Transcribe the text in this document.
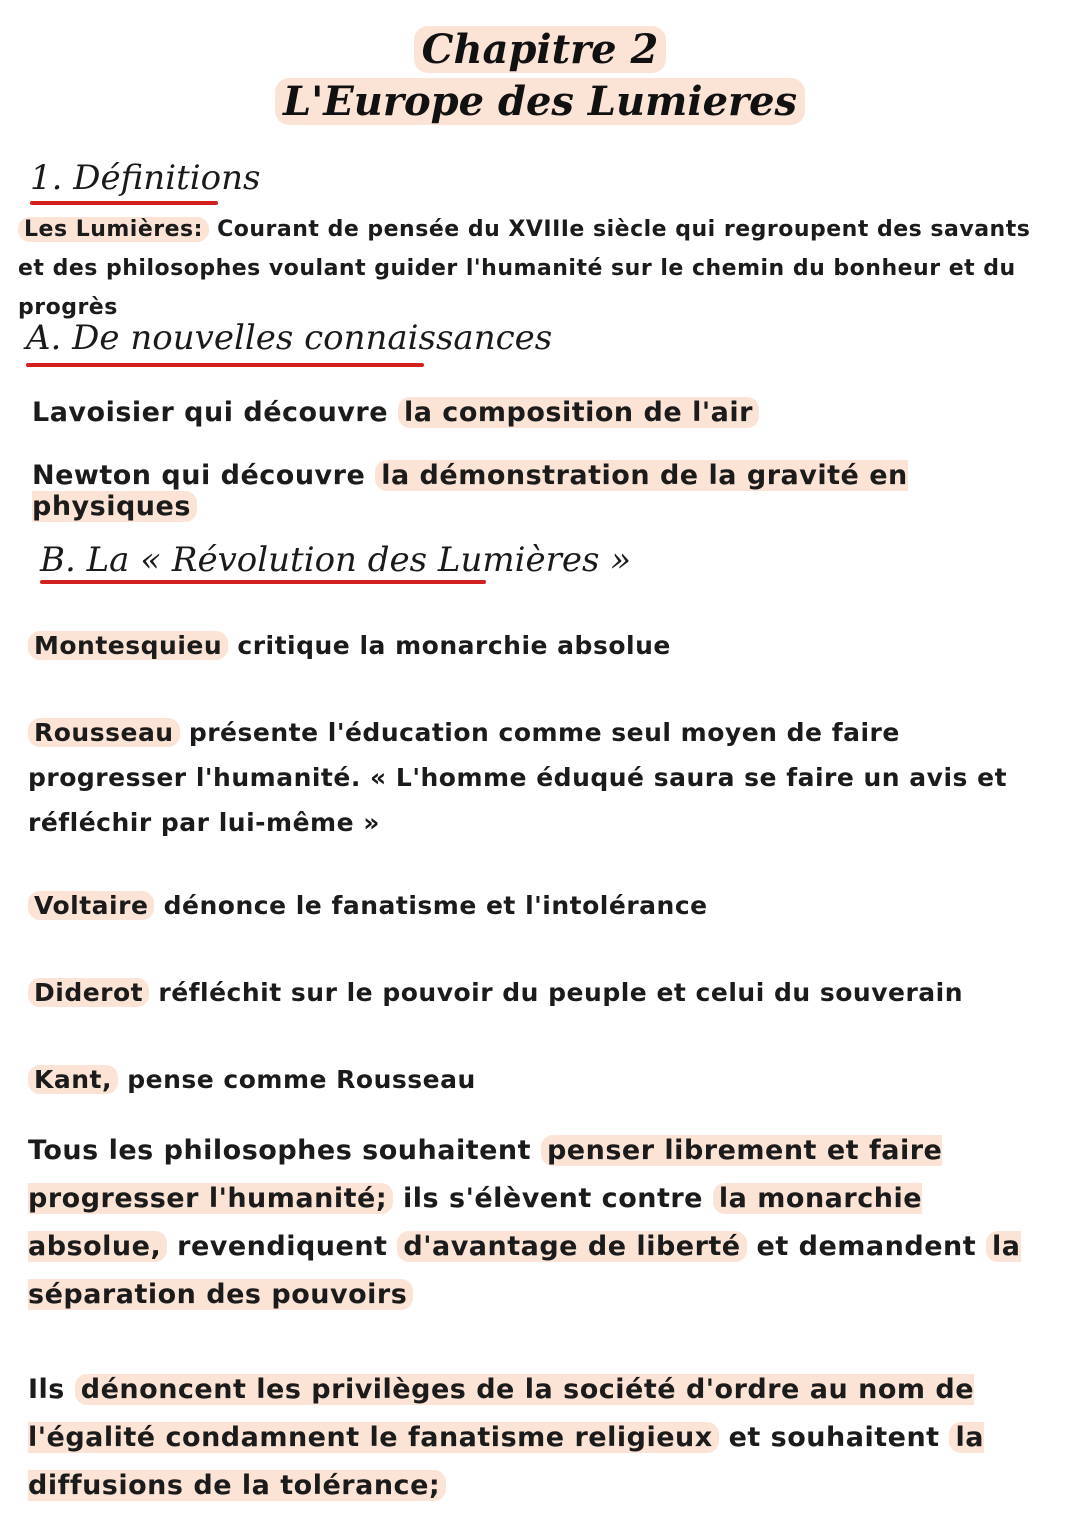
Chapitre 2
L'Europe des Lumieres
1. Définitions
Les Lumières: Courant de pensée du XVIIIe siècle qui regroupent des savants et des philosophes voulant guider l'humanité sur le chemin du bonheur et du progrès
A. De nouvelles connaissances
Lavoisier qui découvre la composition de l'air
Newton qui découvre la démonstration de la gravité en physiques
B. La « Révolution des Lumières »
Montesquieu critique la monarchie absolue
Rousseau présente l'éducation comme seul moyen de faire progresser l'humanité. « L'homme éduqué saura se faire un avis et réfléchir par lui-même »
Voltaire dénonce le fanatisme et l'intolérance
Diderot réfléchit sur le pouvoir du peuple et celui du souverain
Kant, pense comme Rousseau
Tous les philosophes souhaitent penser librement et faire progresser l'humanité; ils s'élèvent contre la monarchie absolue, revendiquent d'avantage de liberté et demandent la séparation des pouvoirs
Ils dénoncent les privilèges de la société d'ordre au nom de l'égalité condamnent le fanatisme religieux et souhaitent la diffusions de la tolérance;
